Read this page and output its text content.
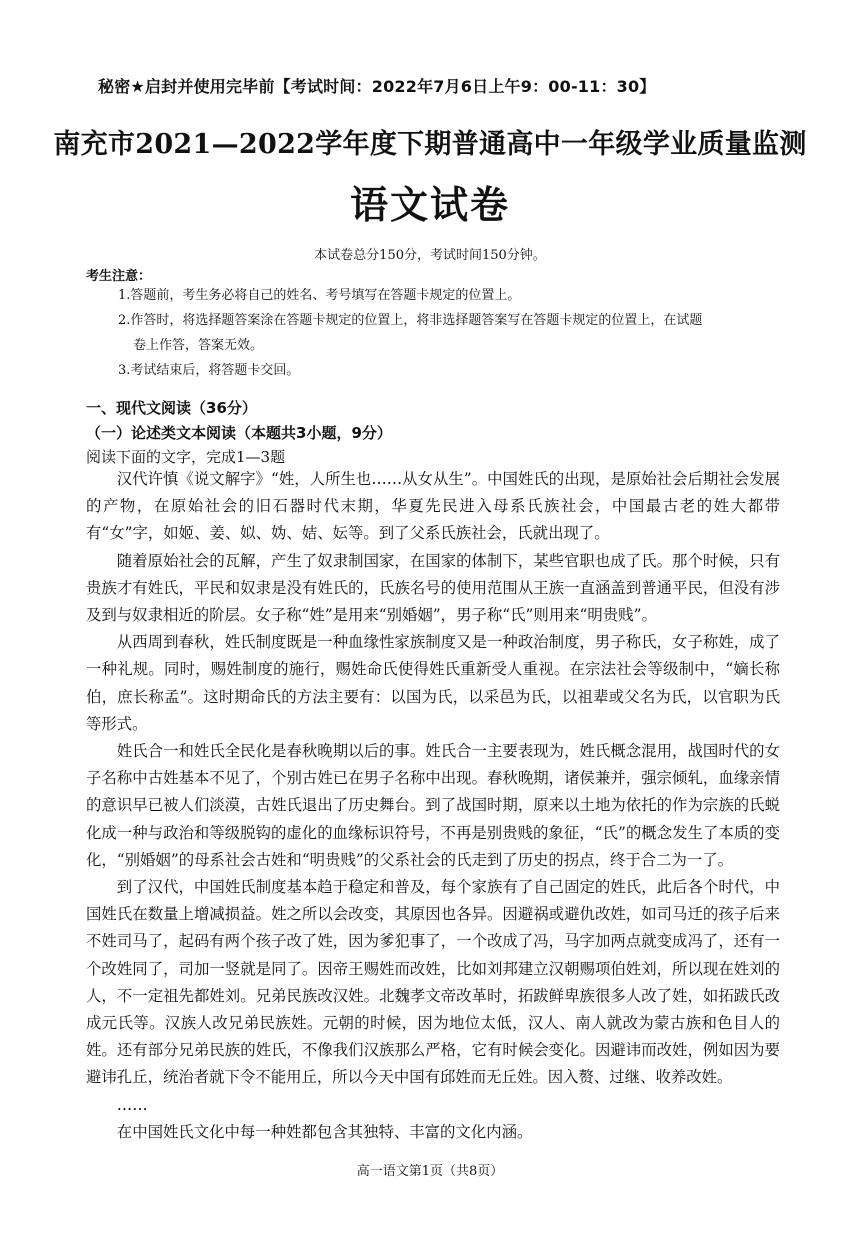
秘密★启封并使用完毕前【考试时间：2022年7月6日上午9：00-11：30】
南充市2021—2022学年度下期普通高中一年级学业质量监测
语文试卷
本试卷总分150分，考试时间150分钟。
考生注意：
1.答题前，考生务必将自己的姓名、考号填写在答题卡规定的位置上。
2.作答时，将选择题答案涂在答题卡规定的位置上，将非选择题答案写在答题卡规定的位置上，在试题
卷上作答，答案无效。
3.考试结束后，将答题卡交回。
一、现代文阅读（36分）
（一）论述类文本阅读（本题共3小题，9分）
阅读下面的文字，完成1—3题

汉代许慎《说文解字》“姓，人所生也……从女从生”。中国姓氏的出现，是原始社会后期社会发展的产物，在原始社会的旧石器时代末期，华夏先民进入母系氏族社会，中国最古老的姓大都带有“女”字，如姬、姜、姒、妫、姞、妘等。到了父系氏族社会，氏就出现了。

随着原始社会的瓦解，产生了奴隶制国家，在国家的体制下，某些官职也成了氏。那个时候，只有贵族才有姓氏，平民和奴隶是没有姓氏的，氏族名号的使用范围从王族一直涵盖到普通平民，但没有涉及到与奴隶相近的阶层。女子称“姓”是用来“别婚姻”，男子称“氏”则用来“明贵贱”。

从西周到春秋，姓氏制度既是一种血缘性家族制度又是一种政治制度，男子称氏，女子称姓，成了一种礼规。同时，赐姓制度的施行，赐姓命氏使得姓氏重新受人重视。在宗法社会等级制中，“嫡长称伯，庶长称孟”。这时期命氏的方法主要有：以国为氏，以采邑为氏，以祖辈或父名为氏，以官职为氏等形式。

姓氏合一和姓氏全民化是春秋晚期以后的事。姓氏合一主要表现为，姓氏概念混用，战国时代的女子名称中古姓基本不见了，个别古姓已在男子名称中出现。春秋晚期，诸侯兼并，强宗倾轧，血缘亲情的意识早已被人们淡漠，古姓氏退出了历史舞台。到了战国时期，原来以土地为依托的作为宗族的氏蜕化成一种与政治和等级脱钩的虚化的血缘标识符号，不再是别贵贱的象征，“氏”的概念发生了本质的变化，“别婚姻”的母系社会古姓和“明贵贱”的父系社会的氏走到了历史的拐点，终于合二为一了。

到了汉代，中国姓氏制度基本趋于稳定和普及，每个家族有了自己固定的姓氏，此后各个时代，中国姓氏在数量上增减损益。姓之所以会改变，其原因也各异。因避祸或避仇改姓，如司马迁的孩子后来不姓司马了，起码有两个孩子改了姓，因为爹犯事了，一个改成了冯，马字加两点就变成冯了，还有一个改姓同了，司加一竖就是同了。因帝王赐姓而改姓，比如刘邦建立汉朝赐项伯姓刘，所以现在姓刘的人，不一定祖先都姓刘。兄弟民族改汉姓。北魏孝文帝改革时，拓跋鲜卑族很多人改了姓，如拓跋氏改成元氏等。汉族人改兄弟民族姓。元朝的时候，因为地位太低，汉人、南人就改为蒙古族和色目人的姓。还有部分兄弟民族的姓氏，不像我们汉族那么严格，它有时候会变化。因避讳而改姓，例如因为要避讳孔丘，统治者就下令不能用丘，所以今天中国有邱姓而无丘姓。因入赘、过继、收养改姓。

……

在中国姓氏文化中每一种姓都包含其独特、丰富的文化内涵。

高一语文第1页（共8页）
